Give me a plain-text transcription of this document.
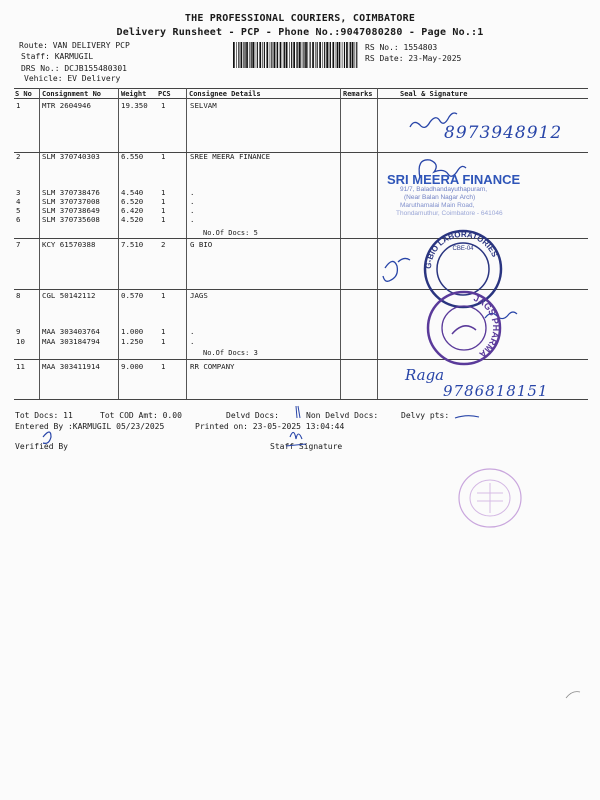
THE PROFESSIONAL COURIERS, COIMBATORE
Delivery Runsheet - PCP - Phone No.:9047080280 - Page No.:1
Route: VAN DELIVERY PCP
Staff: KARMUGIL
DRS No.: DCJB155480301
Vehicle: EV Delivery
RS No.: 1554803
RS Date: 23-May-2025
S No Consignment No	Weight PCS	Consignee Details	Remarks	Seal & Signature
1	MTR 2604946	19.350 1	SELVAM
2	SLM 370740303	6.550 1	SREE MEERA FINANCE
3	SLM 370738476	4.540 1	.
4	SLM 370737008	6.520 1	.
5	SLM 370738649	6.420 1	.
6	SLM 370735608	4.520 1	.
7	KCY 61570388	7.510 2	G BIO
8	CGL 50142112	0.570 1	JAGS
9	MAA 303403764	1.000 1	.
10 MAA 303184794	1.250 1	.
11 MAA 303411914	9.000 1	RR COMPANY
No.Of Docs: 5
No.Of Docs: 3
Tot Docs: 11	Tot COD Amt: 0.00	Delvd Docs:	Non Delvd Docs:	Delvy pts:
Entered By :KARMUGIL 05/23/2025	Printed on: 23-05-2025 13:04:44
Verified By	Staff Signature
8973948912
Raga
9786818151
SRI MEERA FINANCE
91/7, Baladhandayuthapuram,
(Near Balan Nagar Arch)
Maruthamalai Main Road,
Thondamuthur, Coimbatore - 641046
G-BIO LABORATORIES
CBE-04
JAGS PHARMA
